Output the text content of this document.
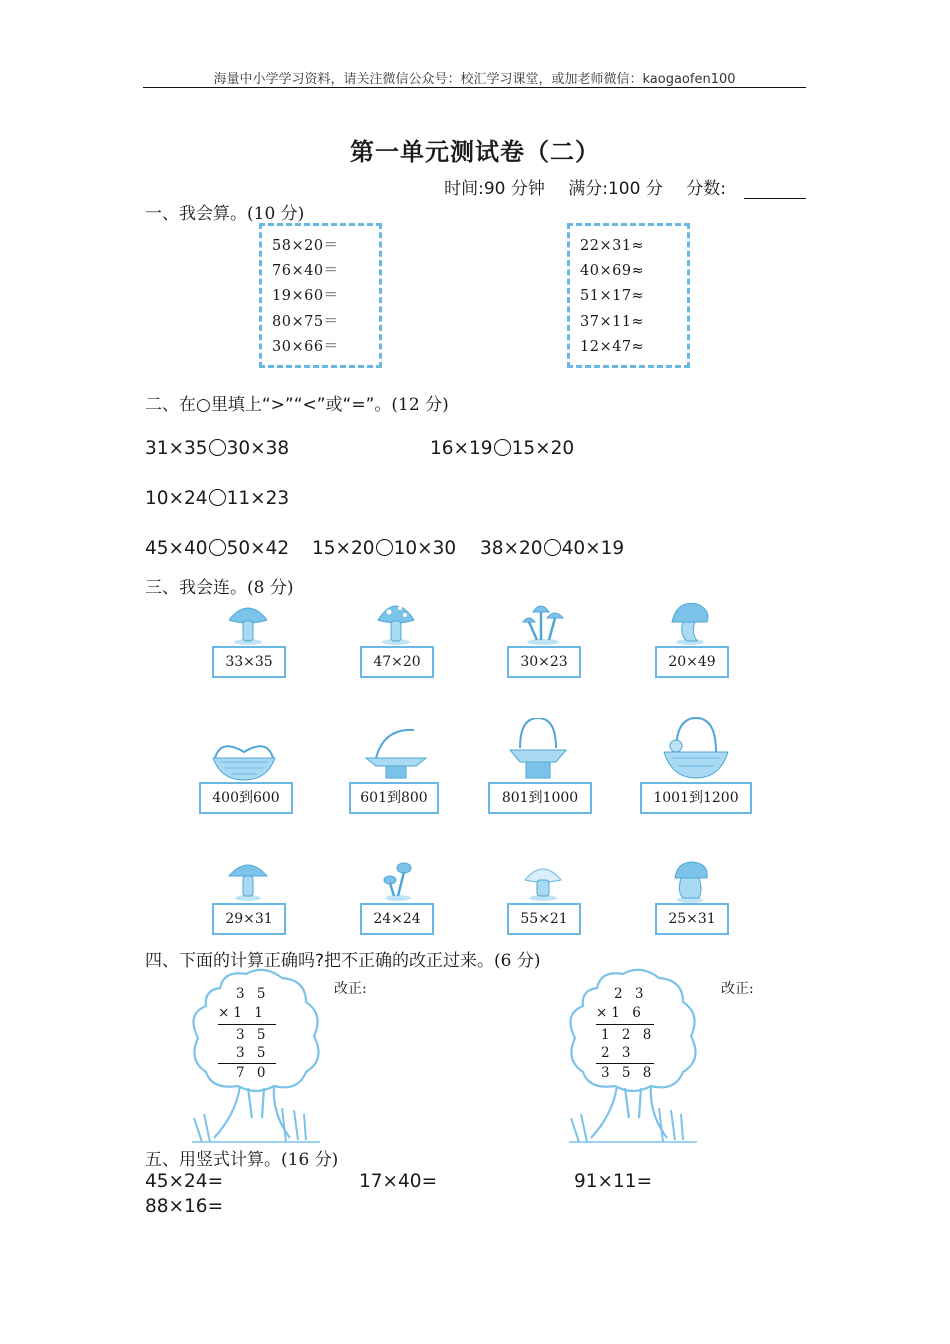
海量中小学学习资料，请关注微信公众号：校汇学习课堂，或加老师微信：kaogaofen100
第一单元测试卷（二）
时间:90 分钟 满分:100 分 分数:
一、我会算。(10 分)
58×20＝
76×40＝
19×60＝
80×75＝
30×66＝
22×31≈
40×69≈
51×17≈
37×11≈
12×47≈
二、在○里填上“>”“<”或“=”。(12 分)
31×35 30×38	16×19 15×20
10×24 11×23
45×40 50×42 15×20 10×30 38×20 40×19
三、我会连。(8 分)
33×35	47×20	30×23	20×49
400到600	601到800	801到1000	1001到1200
29×31	24×24	55×21	25×31
四、下面的计算正确吗?把不正确的改正过来。(6 分)
3 5
×1 1
3 5
3 5
7 0
改正:	2 3
×1 6
1 2 8
2 3
3 5 8
改正:
五、用竖式计算。(16 分)
45×24=	17×40=	91×11=
88×16=
